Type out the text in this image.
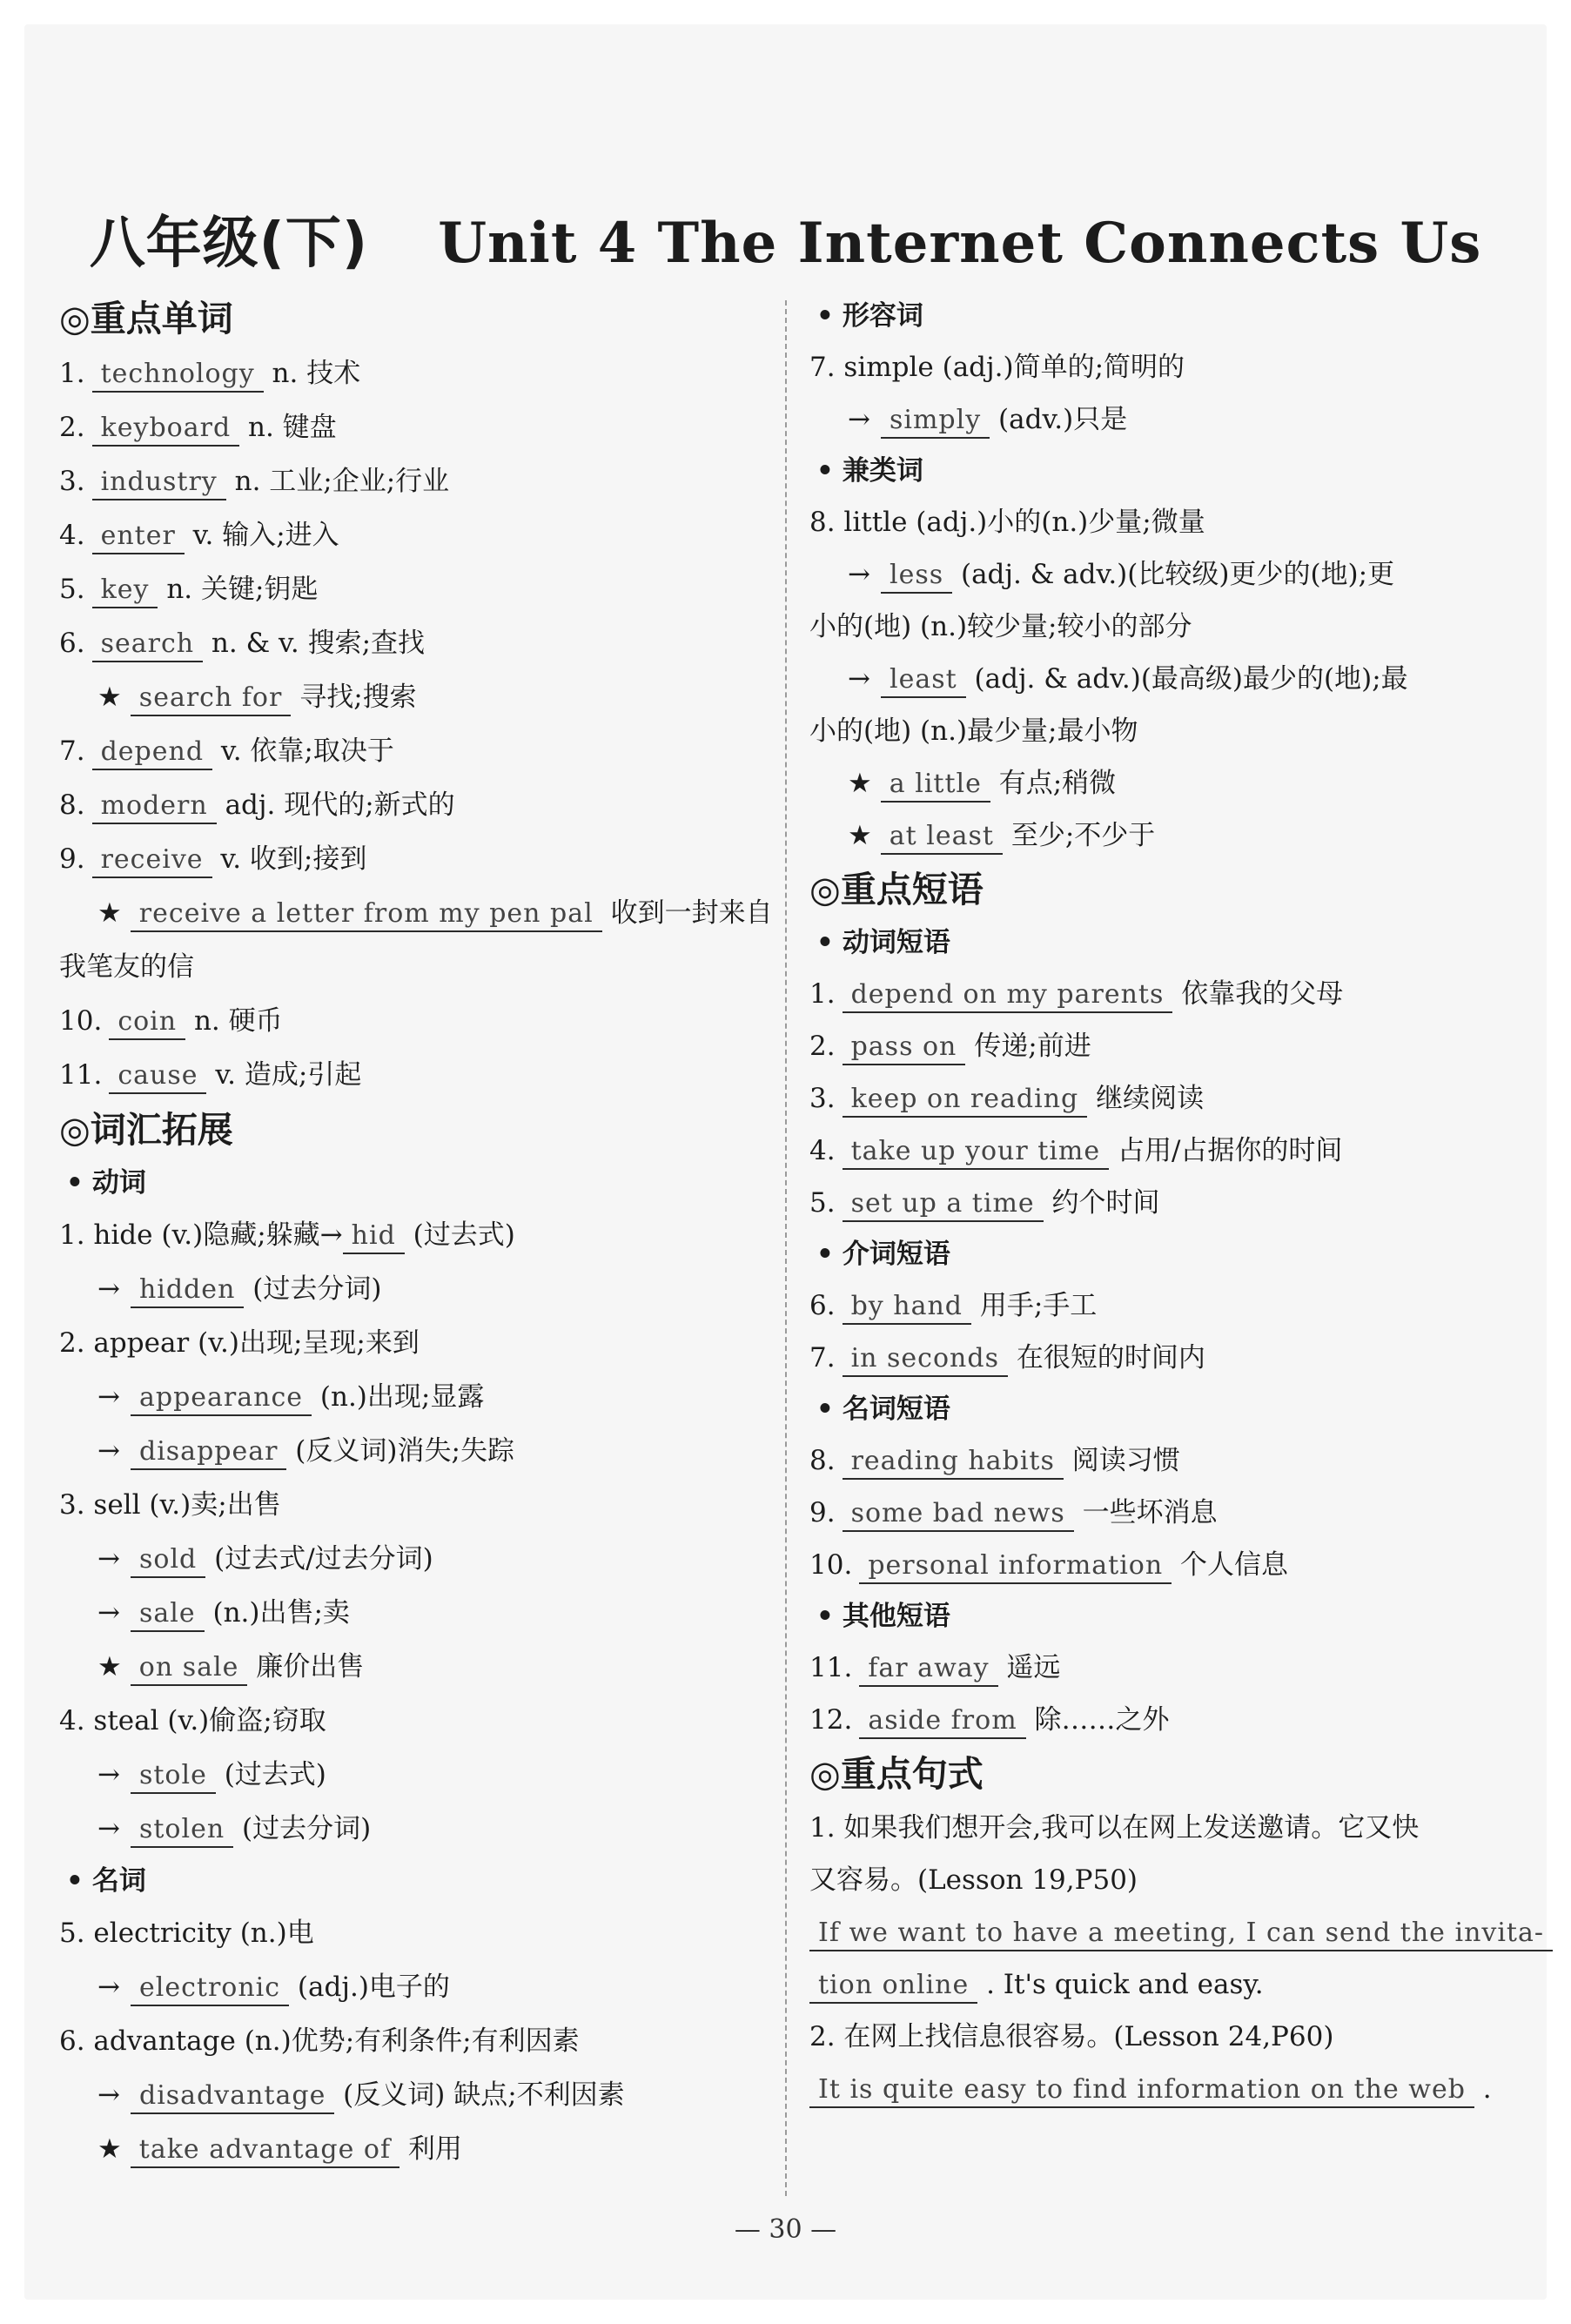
八年级(下) Unit 4 The Internet Connects Us
◎重点单词
1. technology n. 技术
2. keyboard n. 键盘
3. industry n. 工业;企业;行业
4. enter v. 输入;进入
5. key n. 关键;钥匙
6. search n. & v. 搜索;查找
★ search for 寻找;搜索
7. depend v. 依靠;取决于
8. modern adj. 现代的;新式的
9. receive v. 收到;接到
★ receive a letter from my pen pal 收到一封来自
我笔友的信
10. coin n. 硬币
11. cause v. 造成;引起
◎词汇拓展
• 动词
1. hide (v.)隐藏;躲藏→ hid (过去式)
→ hidden (过去分词)
2. appear (v.)出现;呈现;来到
→ appearance (n.)出现;显露
→ disappear (反义词)消失;失踪
3. sell (v.)卖;出售
→ sold (过去式/过去分词)
→ sale (n.)出售;卖
★ on sale 廉价出售
4. steal (v.)偷盗;窃取
→ stole (过去式)
→ stolen (过去分词)
• 名词
5. electricity (n.)电
→ electronic (adj.)电子的
6. advantage (n.)优势;有利条件;有利因素
→ disadvantage (反义词) 缺点;不利因素
★ take advantage of 利用
• 形容词
7. simple (adj.)简单的;简明的
→ simply (adv.)只是
• 兼类词
8. little (adj.)小的(n.)少量;微量
→ less (adj. & adv.)(比较级)更少的(地);更
小的(地) (n.)较少量;较小的部分
→ least (adj. & adv.)(最高级)最少的(地);最
小的(地) (n.)最少量;最小物
★ a little 有点;稍微
★ at least 至少;不少于
◎重点短语
• 动词短语
1. depend on my parents 依靠我的父母
2. pass on 传递;前进
3. keep on reading 继续阅读
4. take up your time 占用/占据你的时间
5. set up a time 约个时间
• 介词短语
6. by hand 用手;手工
7. in seconds 在很短的时间内
• 名词短语
8. reading habits 阅读习惯
9. some bad news 一些坏消息
10. personal information 个人信息
• 其他短语
11. far away 遥远
12. aside from 除……之外
◎重点句式
1. 如果我们想开会,我可以在网上发送邀请。它又快
又容易。(Lesson 19,P50)
If we want to have a meeting, I can send the invita-
tion online . It's quick and easy.
2. 在网上找信息很容易。(Lesson 24,P60)
It is quite easy to find information on the web .
— 30 —
